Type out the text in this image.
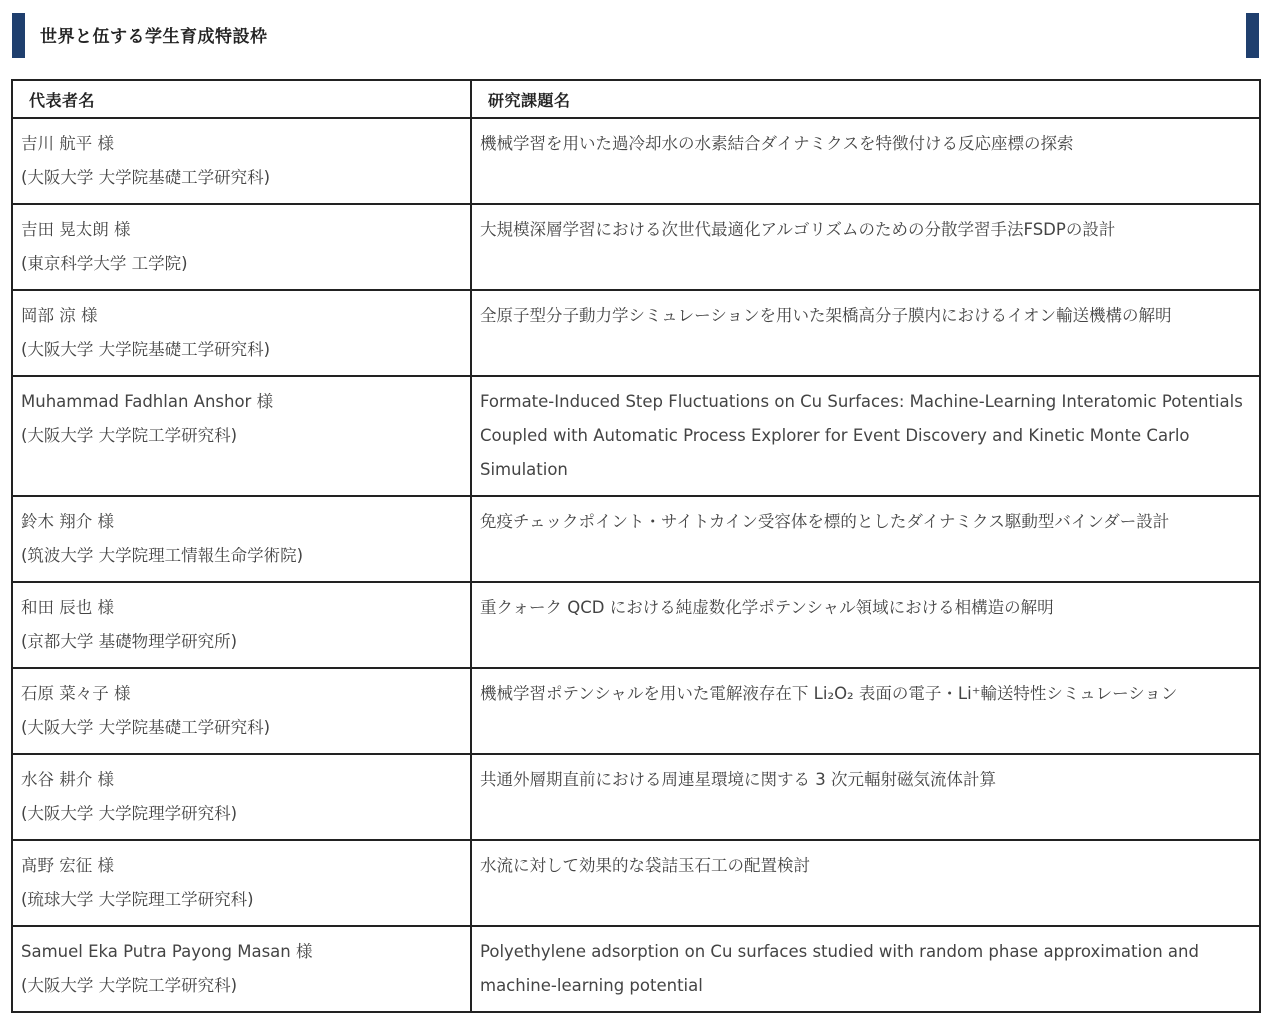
世界と伍する学生育成特設枠
代表者名	研究課題名

吉川 航平 様
(大阪大学 大学院基礎工学研究科)	機械学習を用いた過冷却水の水素結合ダイナミクスを特徴付ける反応座標の探索

吉田 晃太朗 様
(東京科学大学 工学院)	大規模深層学習における次世代最適化アルゴリズムのための分散学習手法FSDPの設計

岡部 涼 様
(大阪大学 大学院基礎工学研究科)	全原子型分子動力学シミュレーションを用いた架橋高分子膜内におけるイオン輸送機構の解明

Muhammad Fadhlan Anshor 様
(大阪大学 大学院工学研究科)	Formate-Induced Step Fluctuations on Cu Surfaces: Machine-Learning Interatomic Potentials Coupled with Automatic Process Explorer for Event Discovery and Kinetic Monte Carlo Simulation

鈴木 翔介 様
(筑波大学 大学院理工情報生命学術院)	免疫チェックポイント・サイトカイン受容体を標的としたダイナミクス駆動型バインダー設計

和田 辰也 様
(京都大学 基礎物理学研究所)	重クォーク QCD における純虚数化学ポテンシャル領域における相構造の解明

石原 菜々子 様
(大阪大学 大学院基礎工学研究科)	機械学習ポテンシャルを用いた電解液存在下 Li₂O₂ 表面の電子・Li⁺輸送特性シミュレーション

水谷 耕介 様
(大阪大学 大学院理学研究科)	共通外層期直前における周連星環境に関する 3 次元輻射磁気流体計算

髙野 宏征 様
(琉球大学 大学院理工学研究科)	水流に対して効果的な袋詰玉石工の配置検討

Samuel Eka Putra Payong Masan 様
(大阪大学 大学院工学研究科)	Polyethylene adsorption on Cu surfaces studied with random phase approximation and machine-learning potential
